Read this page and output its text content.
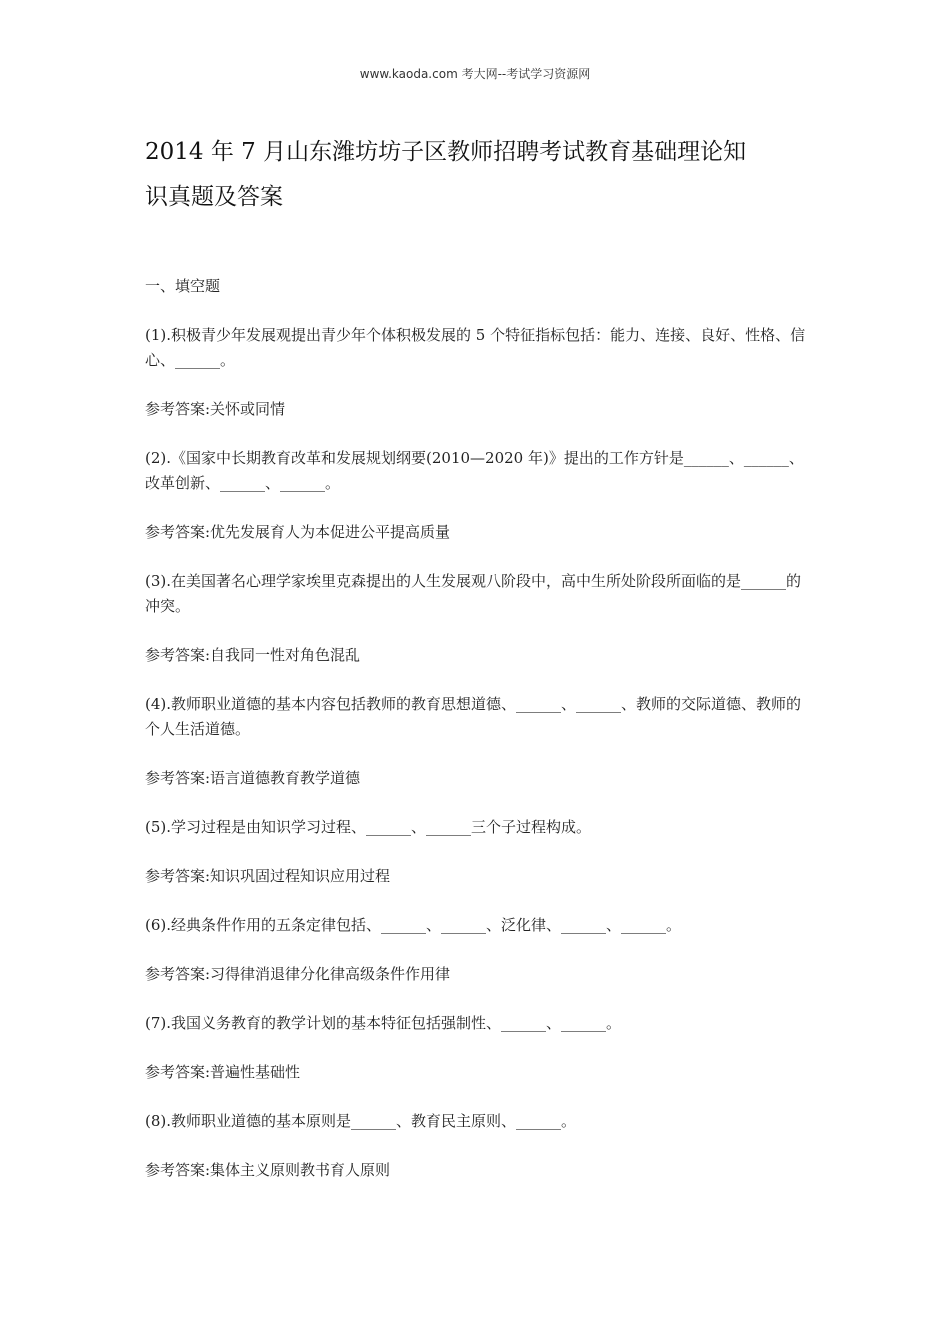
www.kaoda.com 考大网--考试学习资源网
2014 年 7 月山东潍坊坊子区教师招聘考试教育基础理论知
识真题及答案

一、填空题

(1).积极青少年发展观提出青少年个体积极发展的 5 个特征指标包括：能力、连接、良好、性格、信心、______。

参考答案:关怀或同情

(2).《国家中长期教育改革和发展规划纲要(2010—2020 年)》提出的工作方针是______、______、改革创新、______、______。

参考答案:优先发展育人为本促进公平提高质量

(3).在美国著名心理学家埃里克森提出的人生发展观八阶段中，高中生所处阶段所面临的是______的冲突。

参考答案:自我同一性对角色混乱

(4).教师职业道德的基本内容包括教师的教育思想道德、______、______、教师的交际道德、教师的个人生活道德。

参考答案:语言道德教育教学道德

(5).学习过程是由知识学习过程、______、______三个子过程构成。

参考答案:知识巩固过程知识应用过程

(6).经典条件作用的五条定律包括、______、______、泛化律、______、______。

参考答案:习得律消退律分化律高级条件作用律

(7).我国义务教育的教学计划的基本特征包括强制性、______、______。

参考答案:普遍性基础性

(8).教师职业道德的基本原则是______、教育民主原则、______。

参考答案:集体主义原则教书育人原则
